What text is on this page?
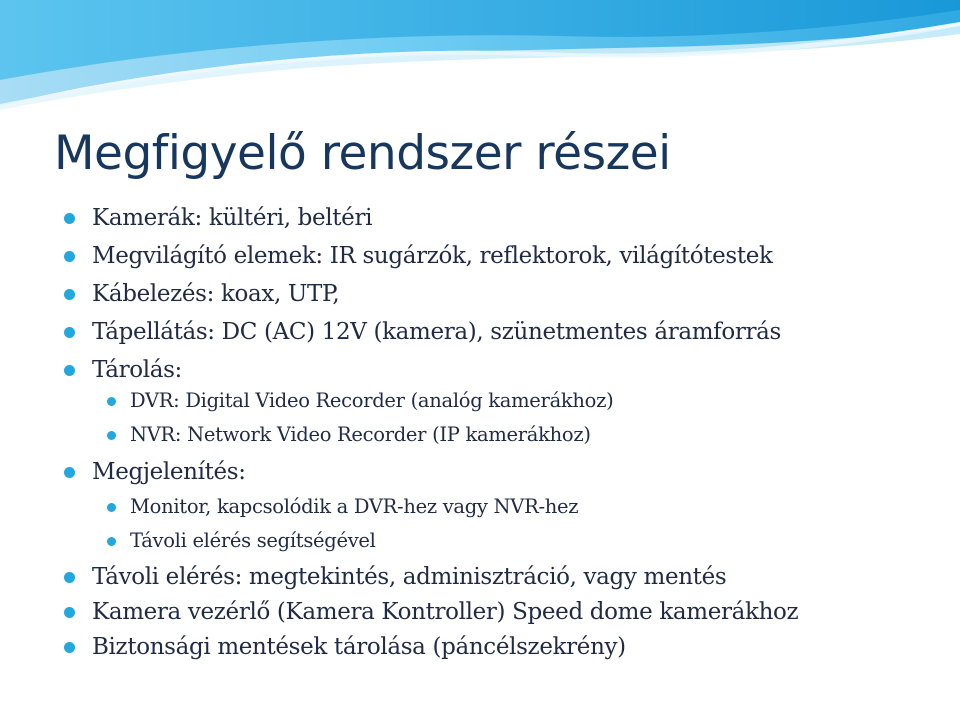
Megfigyelő rendszer részei
Kamerák: kültéri, beltéri
Megvilágító elemek: IR sugárzók, reflektorok, világítótestek
Kábelezés: koax, UTP,
Tápellátás: DC (AC) 12V (kamera), szünetmentes áramforrás
Tárolás:
DVR: Digital Video Recorder (analóg kamerákhoz)
NVR: Network Video Recorder (IP kamerákhoz)
Megjelenítés:
Monitor, kapcsolódik a DVR-hez vagy NVR-hez
Távoli elérés segítségével
Távoli elérés: megtekintés, adminisztráció, vagy mentés
Kamera vezérlő (Kamera Kontroller) Speed dome kamerákhoz
Biztonsági mentések tárolása (páncélszekrény)
